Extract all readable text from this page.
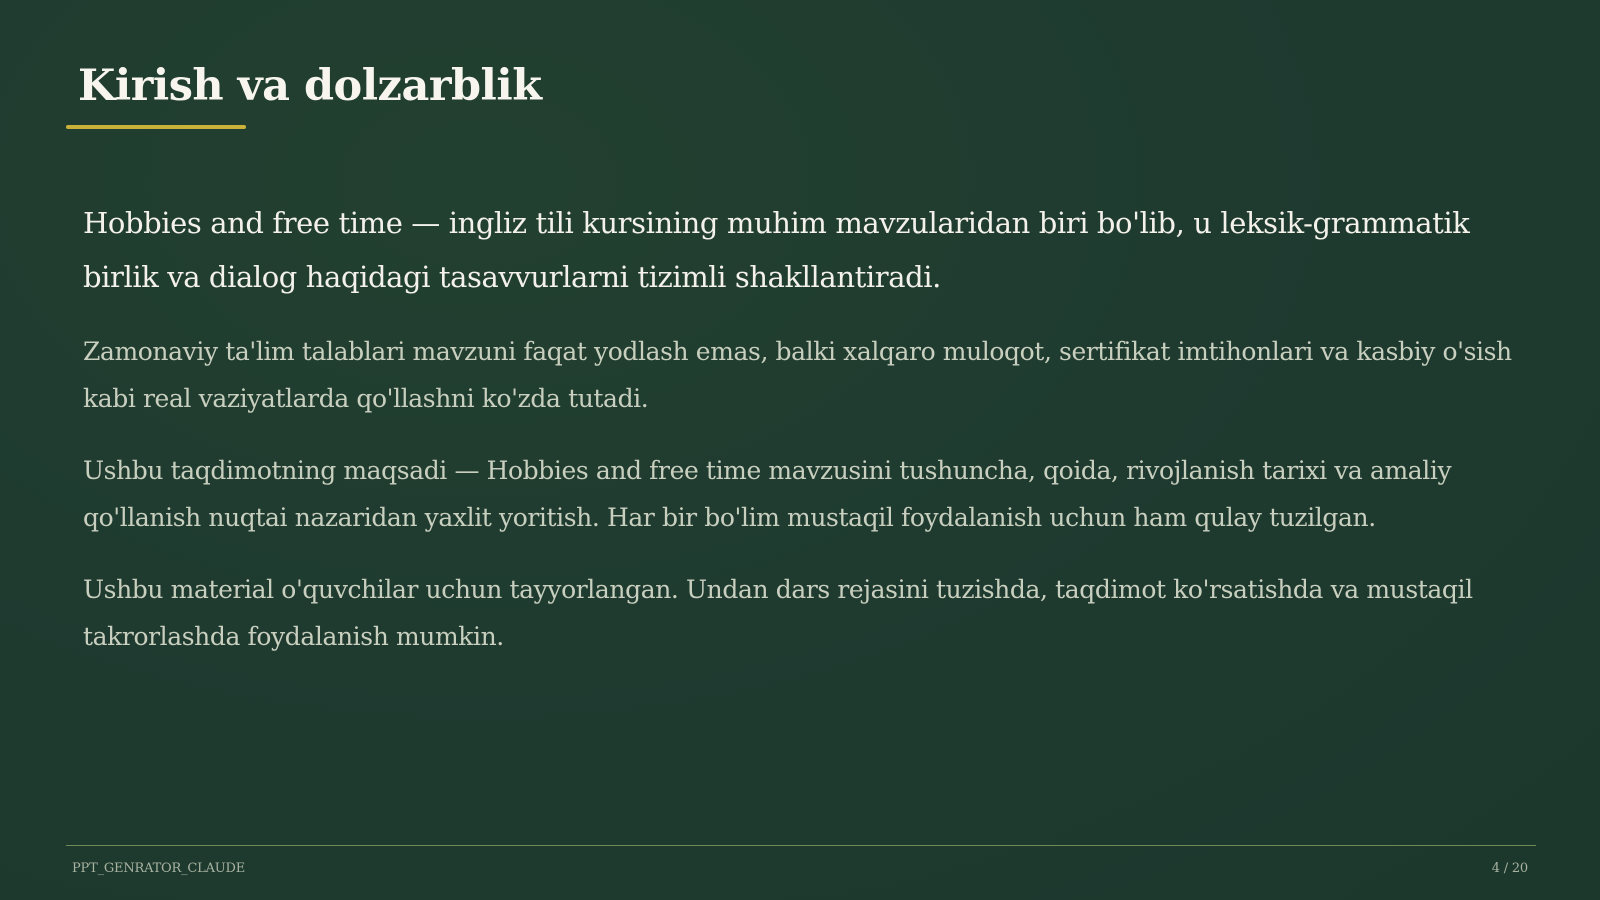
Kirish va dolzarblik

Hobbies and free time — ingliz tili kursining muhim mavzularidan biri bo'lib, u leksik-grammatik birlik va dialog haqidagi tasavvurlarni tizimli shakllantiradi.

Zamonaviy ta'lim talablari mavzuni faqat yodlash emas, balki xalqaro muloqot, sertifikat imtihonlari va kasbiy o'sish kabi real vaziyatlarda qo'llashni ko'zda tutadi.

Ushbu taqdimotning maqsadi — Hobbies and free time mavzusini tushuncha, qoida, rivojlanish tarixi va amaliy qo'llanish nuqtai nazaridan yaxlit yoritish. Har bir bo'lim mustaqil foydalanish uchun ham qulay tuzilgan.

Ushbu material o'quvchilar uchun tayyorlangan. Undan dars rejasini tuzishda, taqdimot ko'rsatishda va mustaqil takrorlashda foydalanish mumkin.

PPT_GENRATOR_CLAUDE	4 / 20
